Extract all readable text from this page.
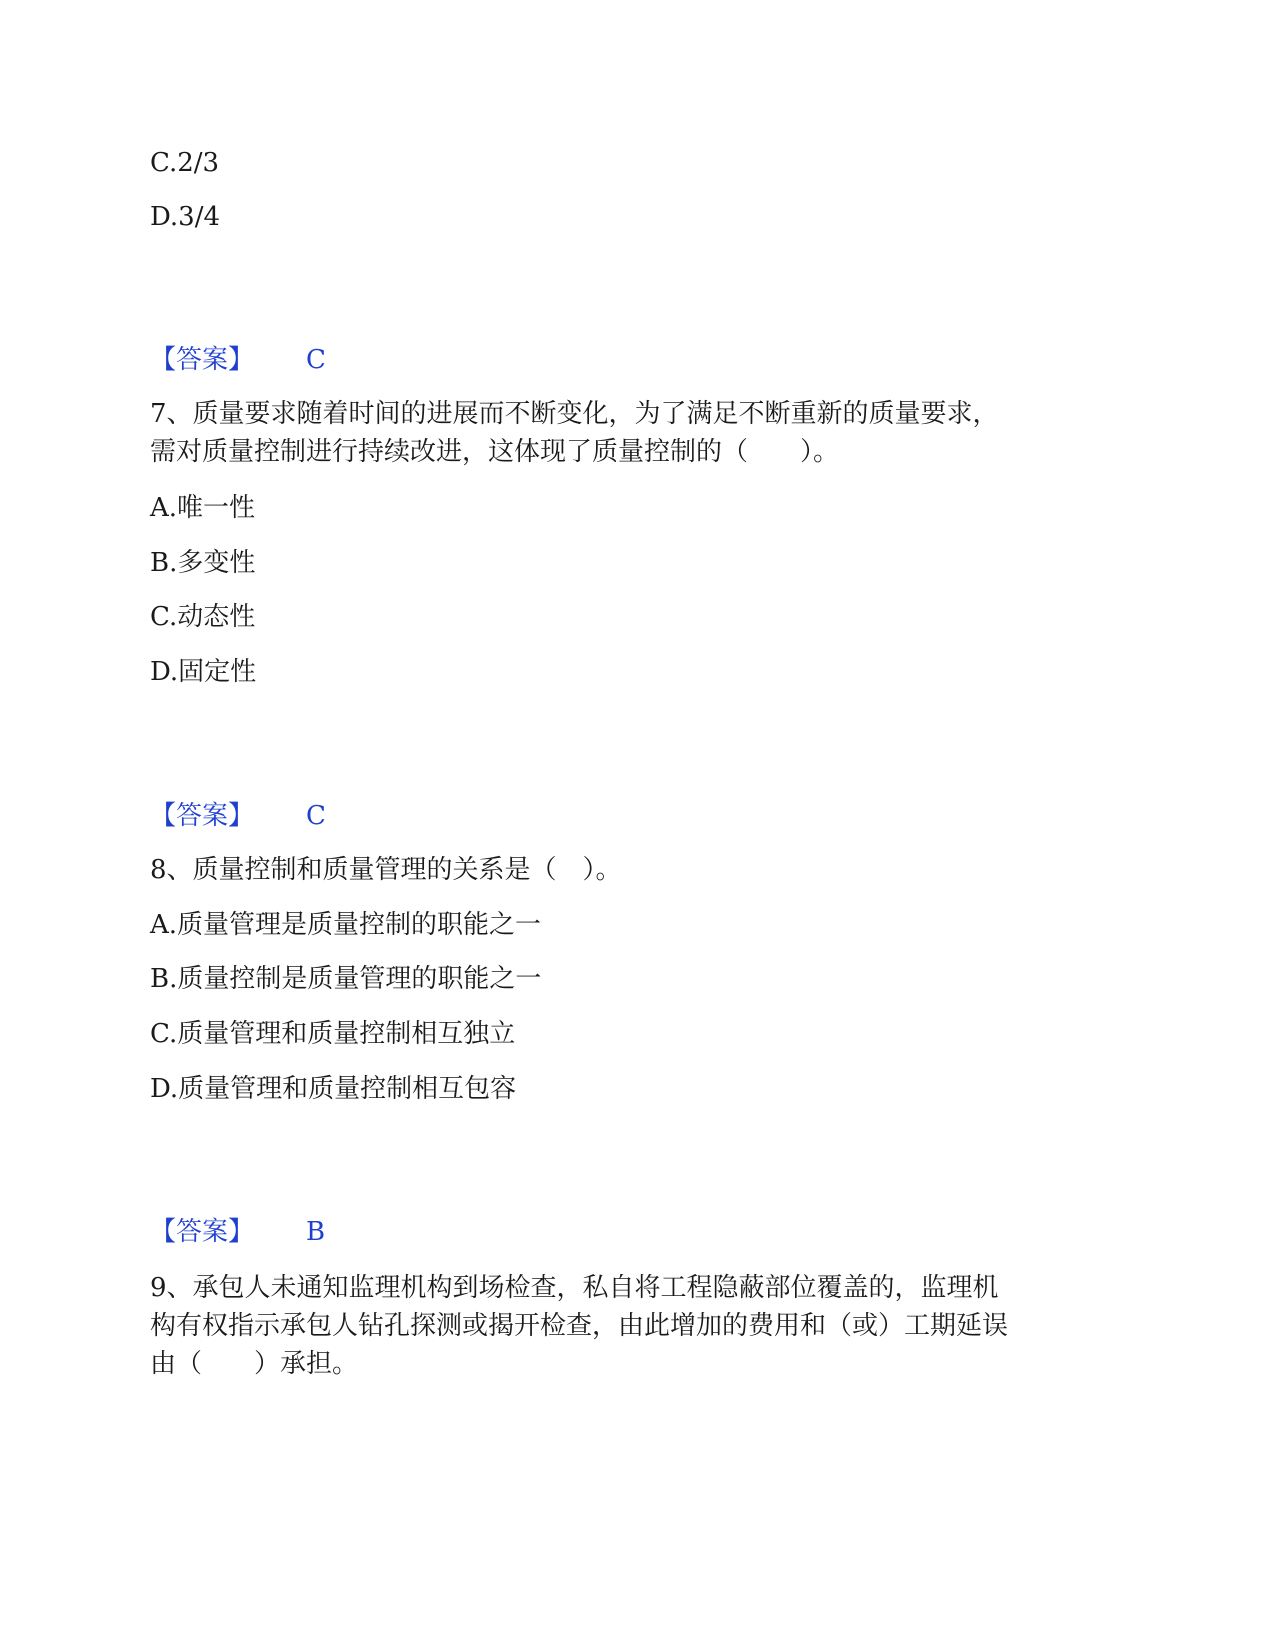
C.2/3
D.3/4
【答案】 C
7、质量要求随着时间的进展而不断变化，为了满足不断重新的质量要求，
需对质量控制进行持续改进，这体现了质量控制的（　　）。
A.唯一性
B.多变性
C.动态性
D.固定性
【答案】 C
8、质量控制和质量管理的关系是（　）。
A.质量管理是质量控制的职能之一
B.质量控制是质量管理的职能之一
C.质量管理和质量控制相互独立
D.质量管理和质量控制相互包容
【答案】 B
9、承包人未通知监理机构到场检查，私自将工程隐蔽部位覆盖的，监理机
构有权指示承包人钻孔探测或揭开检查，由此增加的费用和（或）工期延误
由（　　）承担。
